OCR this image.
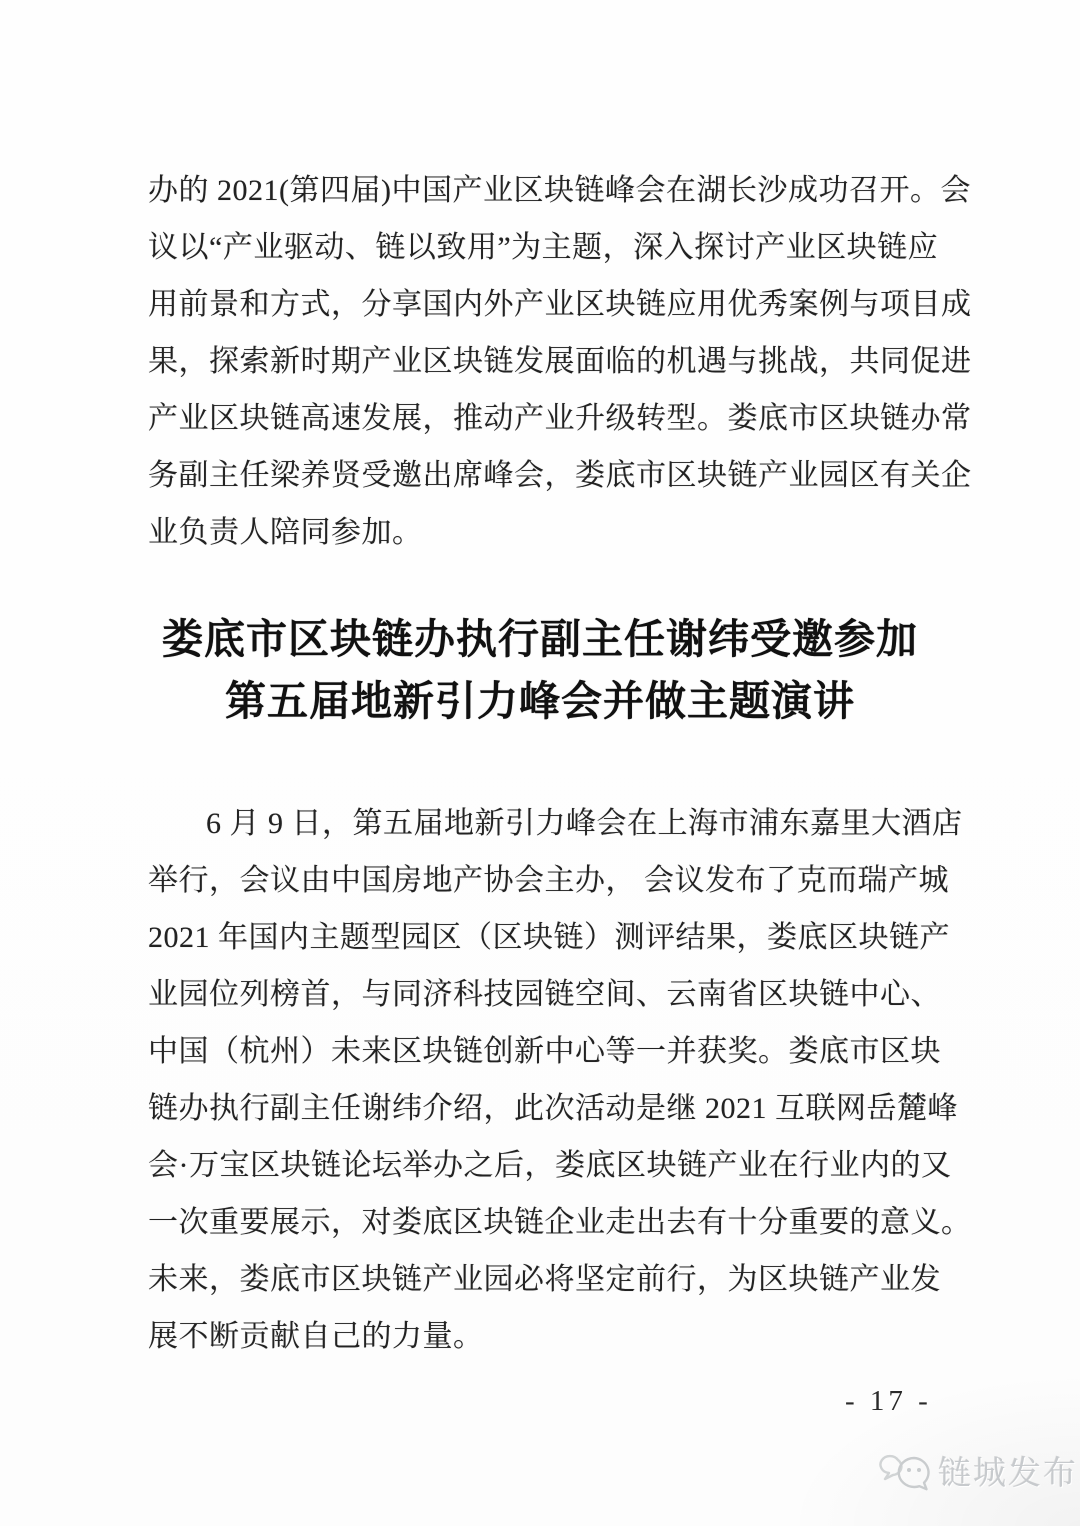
办的 2021(第四届)中国产业区块链峰会在湖长沙成功召开。会
议以“产业驱动、链以致用”为主题，深入探讨产业区块链应
用前景和方式，分享国内外产业区块链应用优秀案例与项目成
果，探索新时期产业区块链发展面临的机遇与挑战，共同促进
产业区块链高速发展，推动产业升级转型。娄底市区块链办常
务副主任梁养贤受邀出席峰会，娄底市区块链产业园区有关企
业负责人陪同参加。
娄底市区块链办执行副主任谢纬受邀参加
第五届地新引力峰会并做主题演讲
6 月 9 日，第五届地新引力峰会在上海市浦东嘉里大酒店
举行，会议由中国房地产协会主办， 会议发布了克而瑞产城
2021 年国内主题型园区（区块链）测评结果，娄底区块链产
业园位列榜首，与同济科技园链空间、云南省区块链中心、
中国（杭州）未来区块链创新中心等一并获奖。娄底市区块
链办执行副主任谢纬介绍，此次活动是继 2021 互联网岳麓峰
会·万宝区块链论坛举办之后，娄底区块链产业在行业内的又
一次重要展示，对娄底区块链企业走出去有十分重要的意义。
未来，娄底市区块链产业园必将坚定前行，为区块链产业发
展不断贡献自己的力量。
- 17 -
链城发布
